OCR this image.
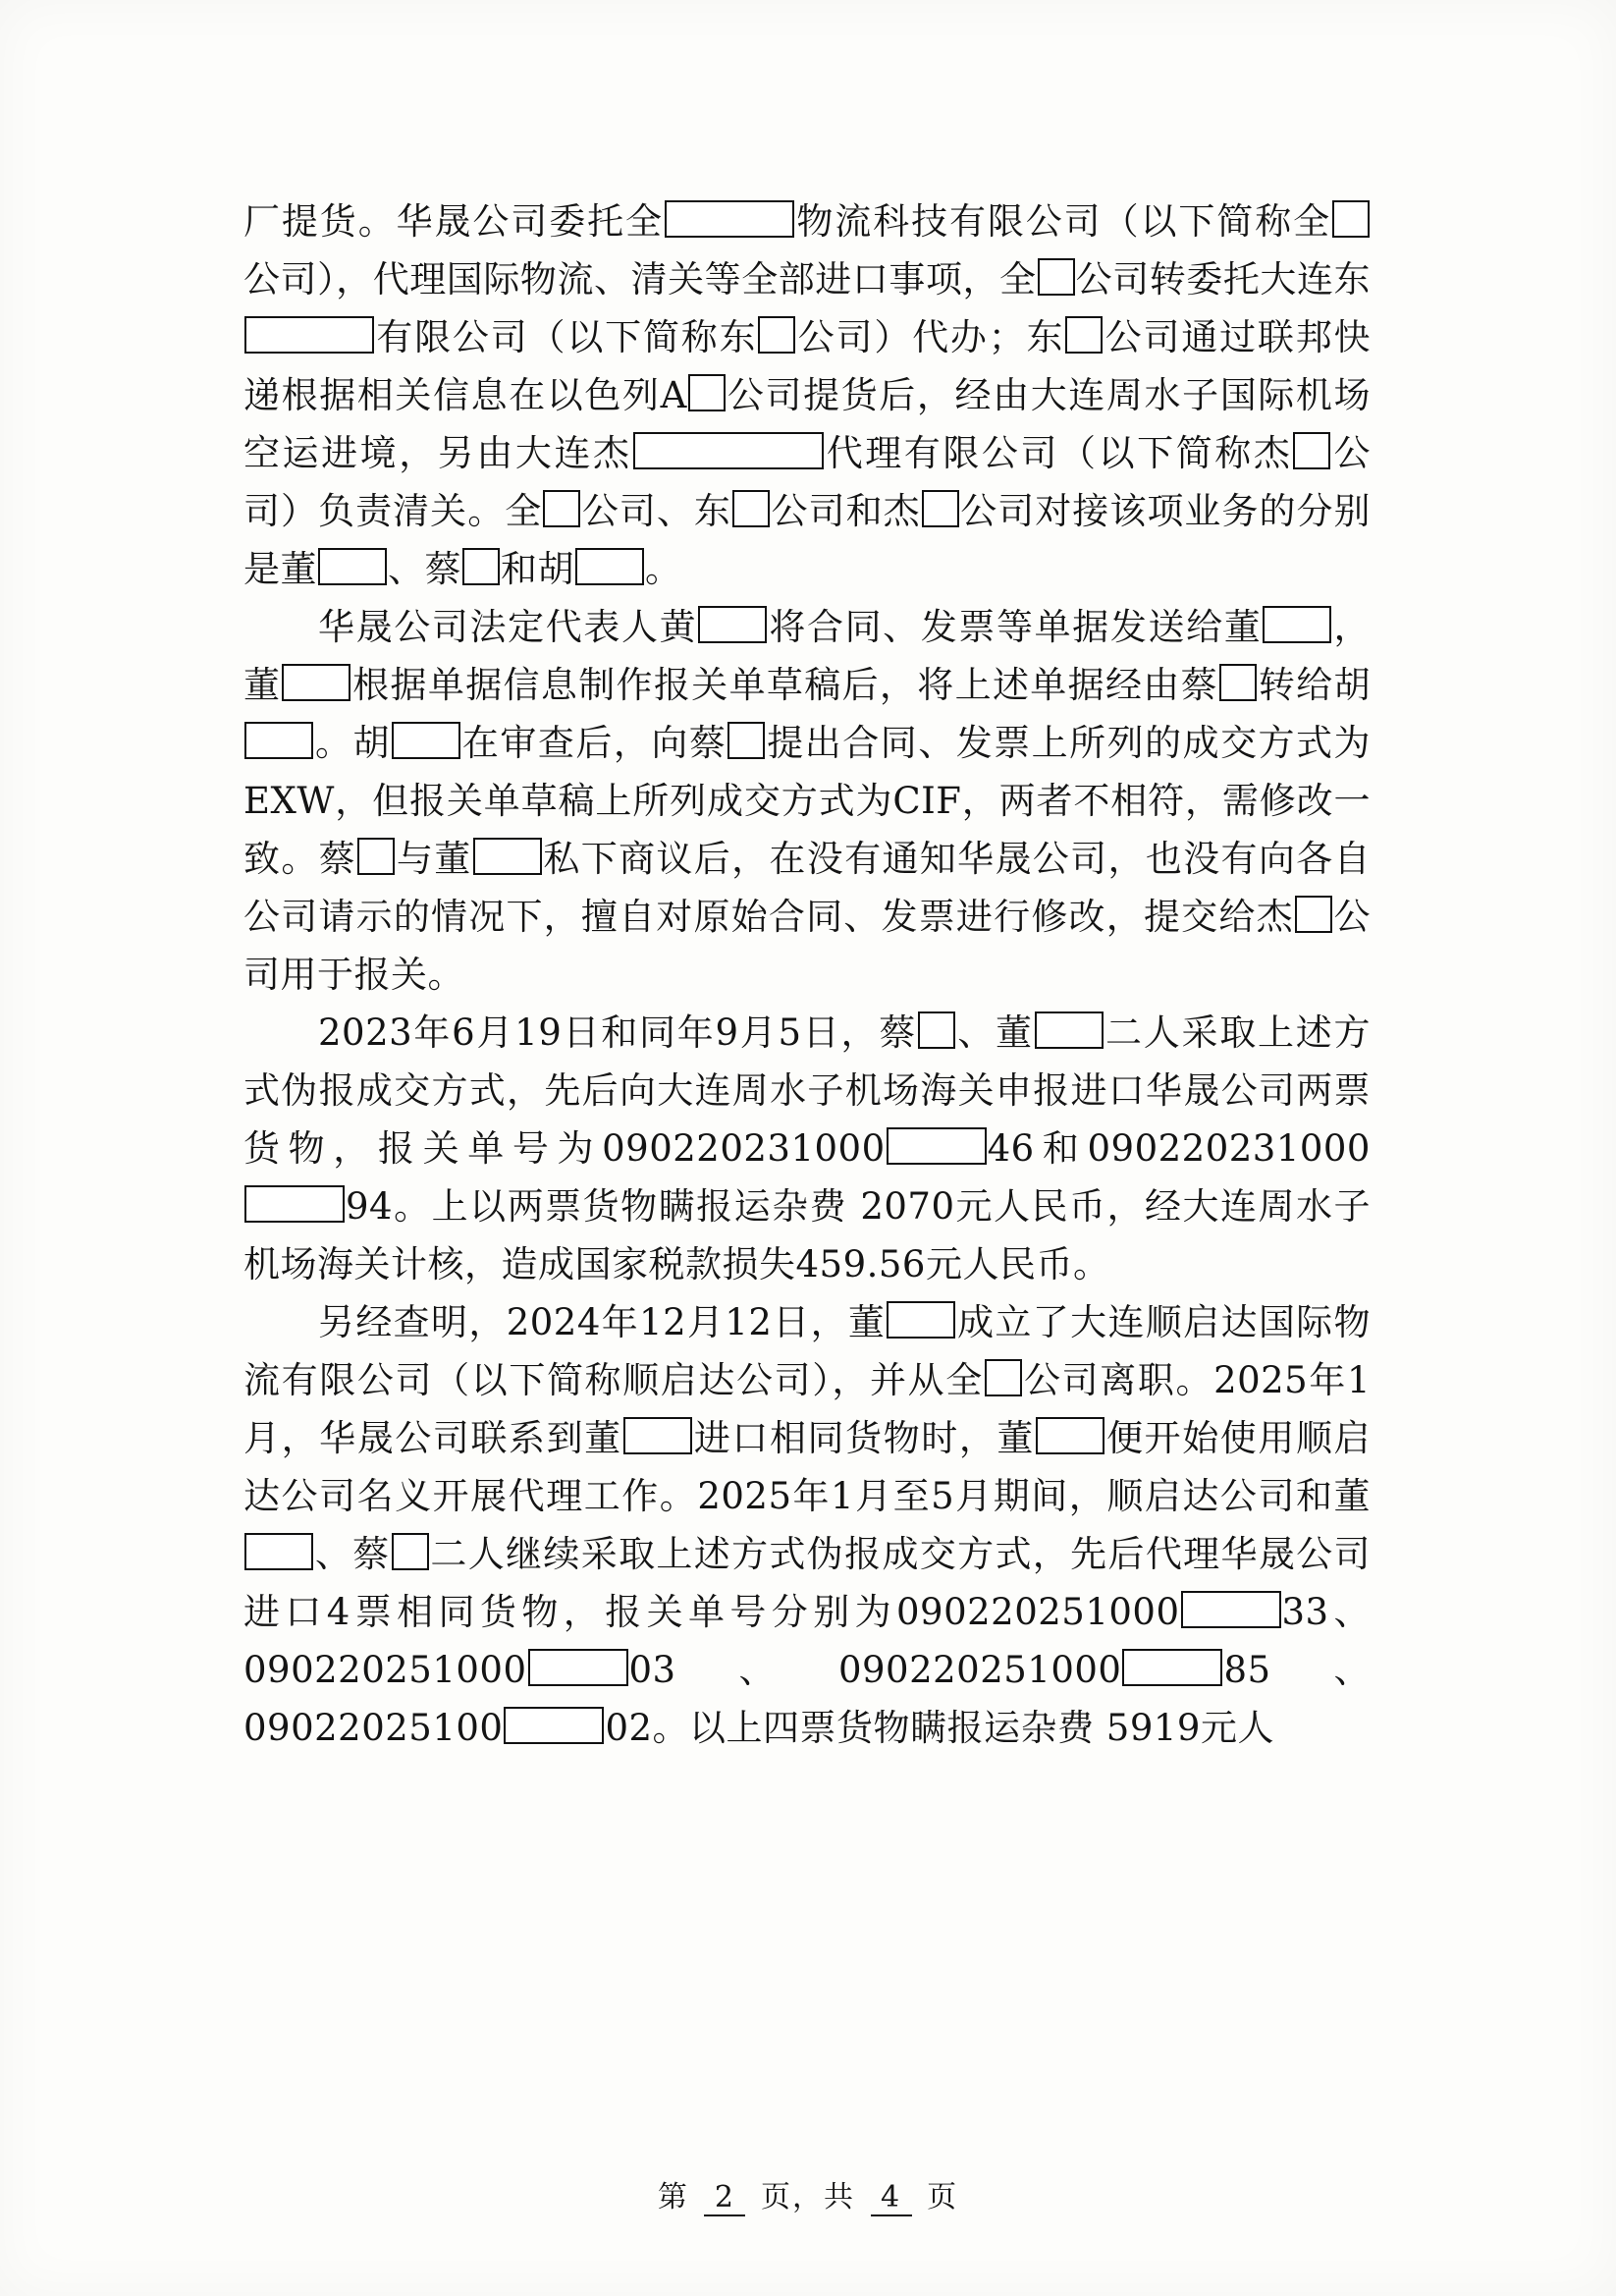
厂提货。华晟公司委托全	物流科技有限公司（以下简称全公司），代理国际物流、清关等全部进口事项，全 公司转委托大连东有限公司（以下简称东 公司）代办；东 公司通过联邦快递根据相关信息在以色列A 公司提货后，经由大连周水子国际机场空运进境，另由大连杰	代理有限公司（以下简称杰 公司）负责清关。全 公司、东 公司和杰 公司对接该项业务的分别是董 、蔡 和胡 。

华晟公司法定代表人黄 将合同、发票等单据发送给董 ，董 根据单据信息制作报关单草稿后，将上述单据经由蔡 转给胡。胡 在审查后，向蔡 提出合同、发票上所列的成交方式为EXW，但报关单草稿上所列成交方式为CIF，两者不相符，需修改一致。蔡 与董 私下商议后，在没有通知华晟公司，也没有向各自公司请示的情况下，擅自对原始合同、发票进行修改，提交给杰 公司用于报关。

2023年6月19日和同年9月5日，蔡 、董 二人采取上述方式伪报成交方式，先后向大连周水子机场海关申报进口华晟公司两票货物，报关单号为090220231000	46和09022023100094。上以两票货物瞒报运杂费 2070元人民币，经大连周水子机场海关计核，造成国家税款损失459.56元人民币。

另经查明，2024年12月12日，董 成立了大连顺启达国际物流有限公司（以下简称顺启达公司），并从全 公司离职。2025年1月，华晟公司联系到董 进口相同货物时，董 便开始使用顺启达公司名义开展代理工作。2025年1月至5月期间，顺启达公司和董、蔡 二人继续采取上述方式伪报成交方式，先后代理华晟公司进口4票相同货物，报关单号分别为090220251000	33、090220251000	03、090220251000	85、09022025100	02。以上四票货物瞒报运杂费 5919元人

第 2 页，共 4 页
